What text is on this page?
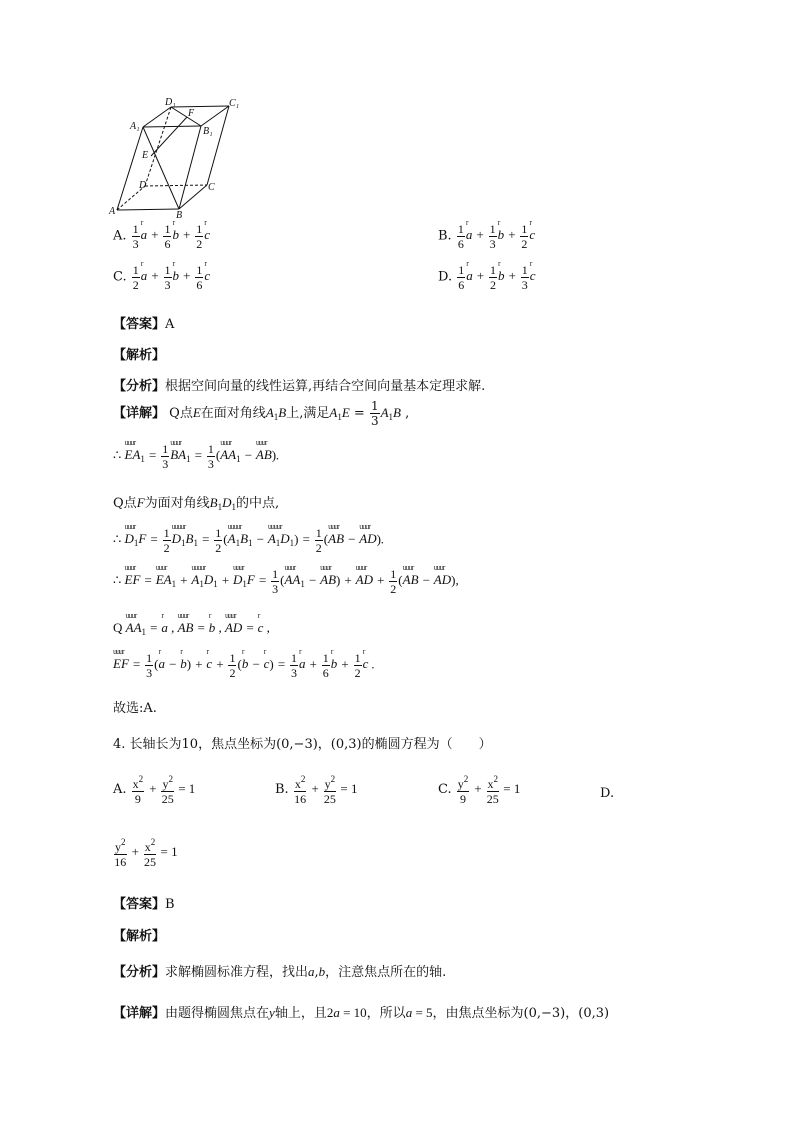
D₁	C₁
A₁
F
B₁
E
D	C
A	B
A. $\frac{1}{3}$ r $a + \frac{1}{6}$ r $b + \frac{1}{2}$ r c	B. $\frac{1}{6}$ r $a + \frac{1}{3}$ r $b + \frac{1}{2}$ r c
C. $\frac{1}{2}$ r $a + \frac{1}{3}$ r $b + \frac{1}{6}$ r c	D. $\frac{1}{6}$ r $a + \frac{1}{2}$ r $b + \frac{1}{3}$ r c
【答案】A
【解析】
【分析】根据空间向量的线性运算,再结合空间向量基本定理求解.
【详解】 Q点E在面对角线$A_1B$上,满足$A_1E = \frac{1}{3} A_1B$ ,
∴ uuur $EA_1 = \frac{1}{3}$ uuur $BA_1 = \frac{1}{3}$ (uuur $AA_1$ − uuur AB).
Q点F为面对角线$B_1D_1$的中点,
∴ uuur $D_1F = \frac{1}{2}$ uuuur $D_1B_1 = \frac{1}{2}$ (uuuur $A_1B_1$ − uuuur $A_1D_1) = \frac{1}{2}$ (uuur AB − uuur AD).
∴ uuur EF = uuur $EA_1$ + uuuur $A_1D_1$ + uuur $D_1F = \frac{1}{3}$ (uuur $AA_1$ − uuur AB) + uuur AD + $\frac{1}{2}$ (uuur AB − uuur AD),
Q uuur $AA_1 = r$ a , uuur AB = r b , uuur AD = r c ,
uuur EF = $\frac{1}{3} (r$ a − r b) + r $c + \frac{1}{2} (r$ b − r $c) = \frac{1}{3}$ r $a + \frac{1}{6}$ r $b + \frac{1}{2}$ r c .
故选:A.
4. 长轴长为10，焦点坐标为(0,−3)，(0,3)的椭圆方程为（　　）
A. $\frac{x^2}{9} + \frac{y^2}{25} = 1$	B. $\frac{x^2}{16} + \frac{y^2}{25} = 1$	C. $\frac{y^2}{9} + \frac{x^2}{25} = 1$	D.
$\frac{y^2}{16} + \frac{x^2}{25} = 1$
【答案】B
【解析】
【分析】求解椭圆标准方程，找出a,b，注意焦点所在的轴.
【详解】由题得椭圆焦点在y轴上，且2a = 10，所以a = 5，由焦点坐标为(0,−3)，(0,3)
